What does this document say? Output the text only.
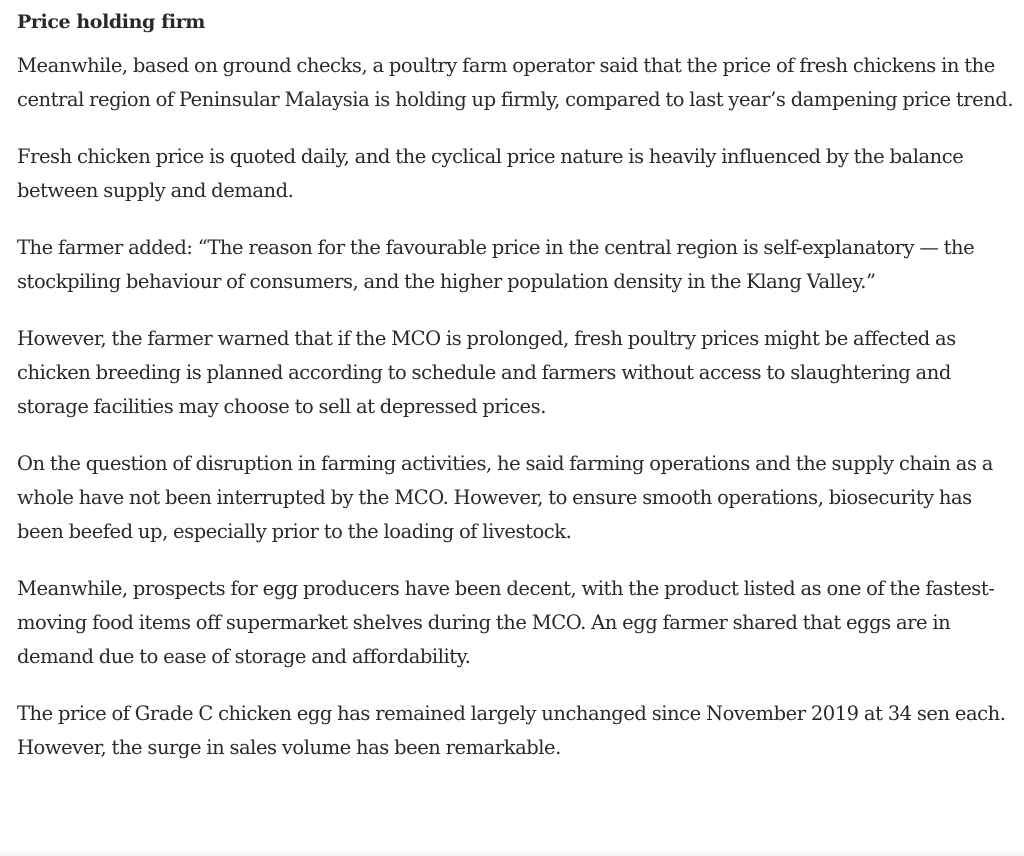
Price holding firm

Meanwhile, based on ground checks, a poultry farm operator said that the price of fresh chickens in the central region of Peninsular Malaysia is holding up firmly, compared to last year’s dampening price trend.

Fresh chicken price is quoted daily, and the cyclical price nature is heavily influenced by the balance between supply and demand.

The farmer added: “The reason for the favourable price in the central region is self-explanatory — the stockpiling behaviour of consumers, and the higher population density in the Klang Valley.”

However, the farmer warned that if the MCO is prolonged, fresh poultry prices might be affected as chicken breeding is planned according to schedule and farmers without access to slaughtering and storage facilities may choose to sell at depressed prices.

On the question of disruption in farming activities, he said farming operations and the supply chain as a whole have not been interrupted by the MCO. However, to ensure smooth operations, biosecurity has been beefed up, especially prior to the loading of livestock.

Meanwhile, prospects for egg producers have been decent, with the product listed as one of the fastest-moving food items off supermarket shelves during the MCO. An egg farmer shared that eggs are in demand due to ease of storage and affordability.

The price of Grade C chicken egg has remained largely unchanged since November 2019 at 34 sen each. However, the surge in sales volume has been remarkable.
